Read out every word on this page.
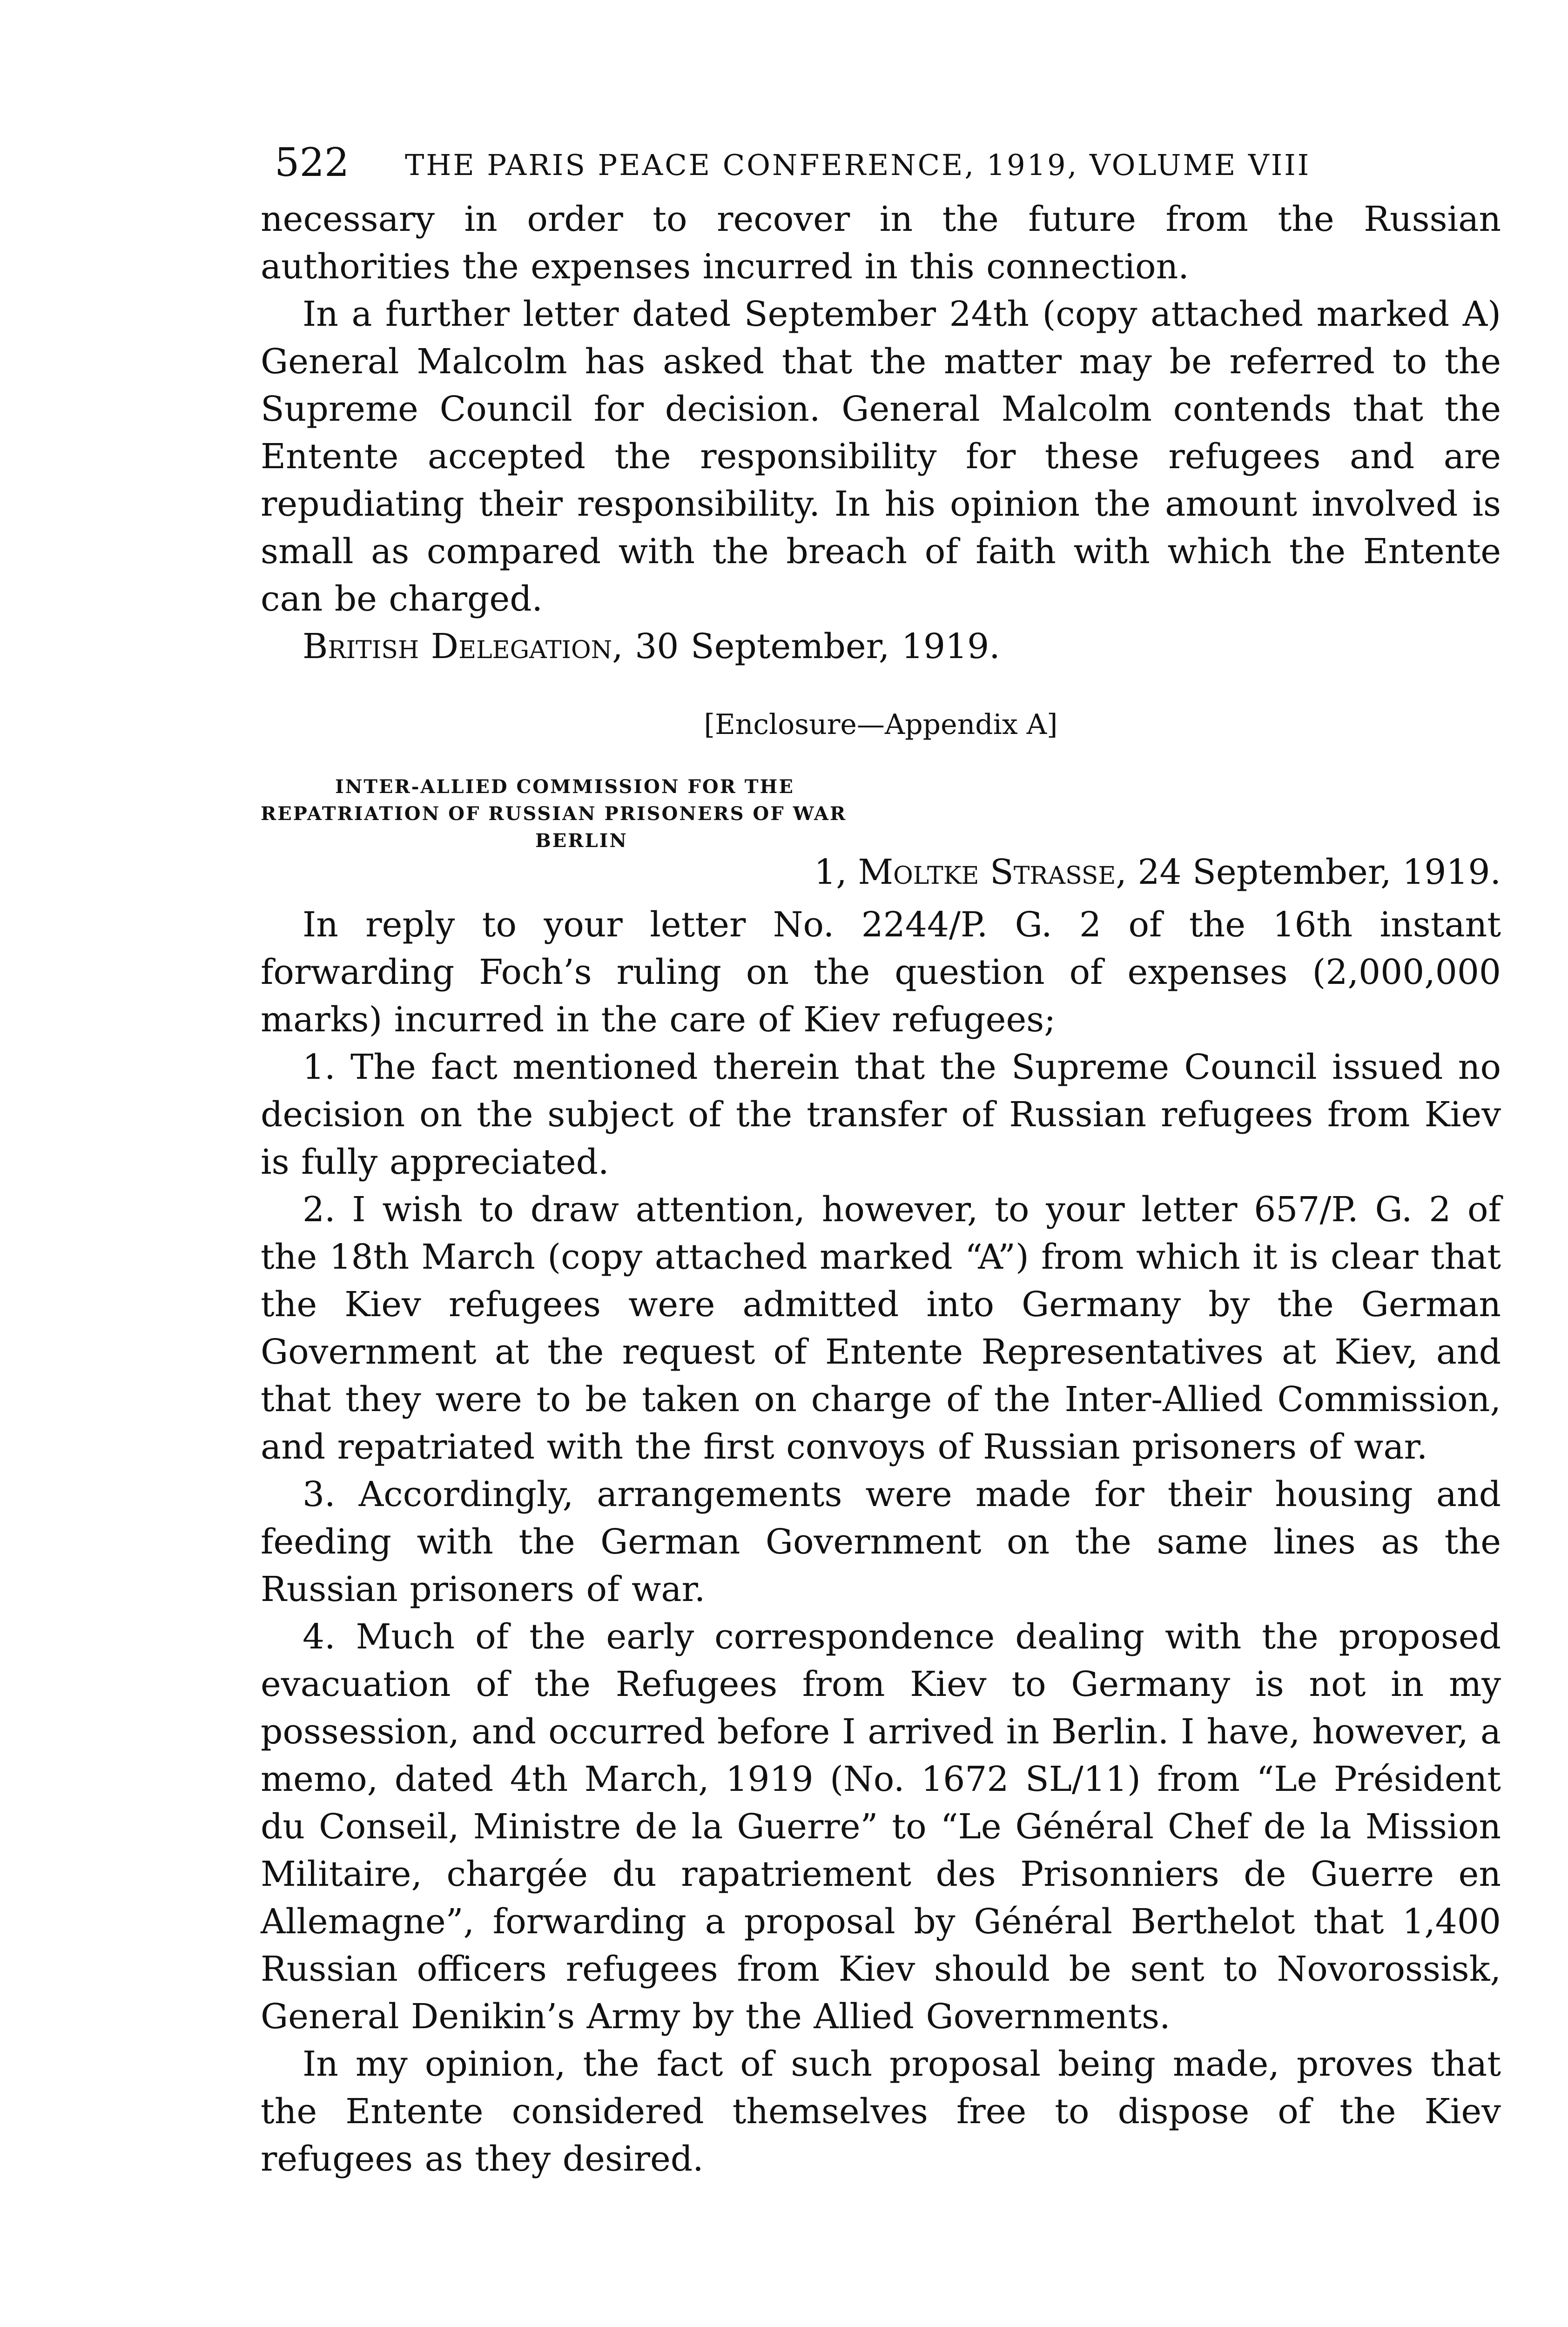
522 THE PARIS PEACE CONFERENCE, 1919, VOLUME VIII

necessary in order to recover in the future from the Russian authorities the expenses incurred in this connection.

In a further letter dated September 24th (copy attached marked A) General Malcolm has asked that the matter may be referred to the Supreme Council for decision. General Malcolm contends that the Entente accepted the responsibility for these refugees and are repudiating their responsibility. In his opinion the amount involved is small as compared with the breach of faith with which the Entente can be charged.

British Delegation, 30 September, 1919.

[Enclosure—Appendix A]
INTER-ALLIED COMMISSION FOR THE
REPATRIATION OF RUSSIAN PRISONERS OF WAR
BERLIN
1, Moltke Strasse, 24 September, 1919.

In reply to your letter No. 2244/P. G. 2 of the 16th instant forwarding Foch’s ruling on the question of expenses (2,000,000 marks) incurred in the care of Kiev refugees;

1. The fact mentioned therein that the Supreme Council issued no decision on the subject of the transfer of Russian refugees from Kiev is fully appreciated.

2. I wish to draw attention, however, to your letter 657/P. G. 2 of the 18th March (copy attached marked “A”) from which it is clear that the Kiev refugees were admitted into Germany by the German Government at the request of Entente Representatives at Kiev, and that they were to be taken on charge of the Inter-Allied Commission, and repatriated with the first convoys of Russian prisoners of war.

3. Accordingly, arrangements were made for their housing and feeding with the German Government on the same lines as the Russian prisoners of war.

4. Much of the early correspondence dealing with the proposed evacuation of the Refugees from Kiev to Germany is not in my possession, and occurred before I arrived in Berlin. I have, however, a memo, dated 4th March, 1919 (No. 1672 SL/11) from “Le Président du Conseil, Ministre de la Guerre” to “Le Général Chef de la Mission Militaire, chargée du rapatriement des Prisonniers de Guerre en Allemagne”, forwarding a proposal by Général Berthelot that 1,400 Russian officers refugees from Kiev should be sent to Novorossisk, General Denikin’s Army by the Allied Governments.

In my opinion, the fact of such proposal being made, proves that the Entente considered themselves free to dispose of the Kiev refugees as they desired.
